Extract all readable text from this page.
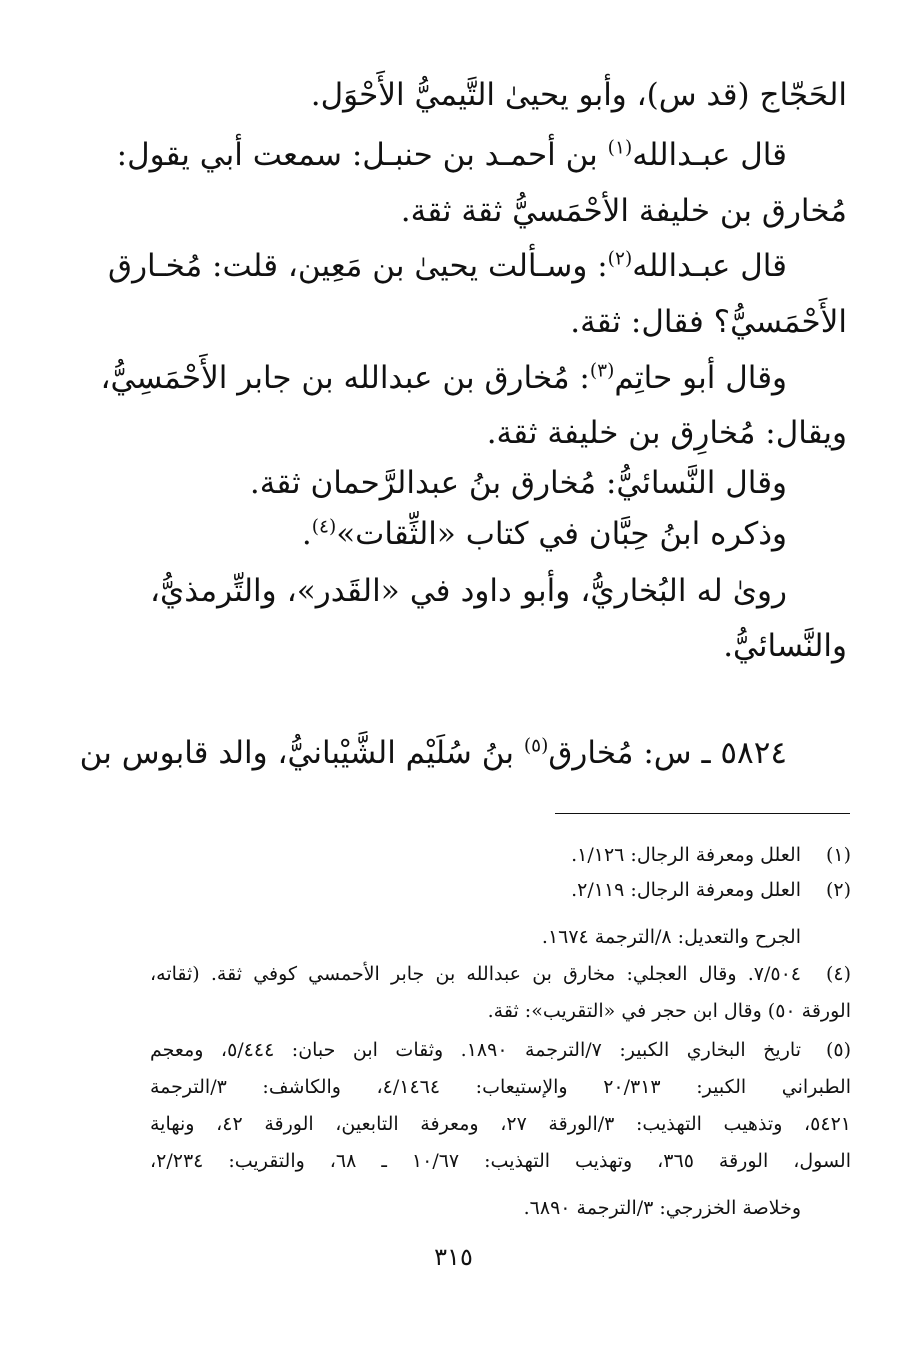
الحَجّاج (قد س)، وأبو يحيىٰ التَّيميُّ الأَحْوَل.
قال عبـدالله$^{(١)}$ بن أحمـد بن حنبـل: سمعت أبي يقول:
مُخارق بن خليفة الأحْمَسيُّ ثقة ثقة.
قال عبـدالله$^{(٢)}$: وسـألت يحيىٰ بن مَعِين، قلت: مُخـارق
الأَحْمَسيُّ؟ فقال: ثقة.
وقال أبو حاتِم$^{(٣)}$: مُخارق بن عبدالله بن جابر الأَحْمَسِيُّ،
ويقال: مُخارِق بن خليفة ثقة.
وقال النَّسائيُّ: مُخارق بنُ عبدالرَّحمان ثقة.
وذكره ابنُ حِبَّان في كتاب «الثِّقات»$^{(٤)}$.
روىٰ له البُخاريُّ، وأبو داود في «القَدر»، والتِّرمذيُّ،
والنَّسائيُّ.
٥٨٢٤ ـ س: مُخارق$^{(٥)}$ بنُ سُلَيْم الشَّيْبانيُّ، والد قابوس بن
(١)
العلل ومعرفة الرجال: ١/١٢٦.
(٢)
العلل ومعرفة الرجال: ٢/١١٩.
الجرح والتعديل: ٨/الترجمة ١٦٧٤.
(٤)
٧/٥٠٤. وقال العجلي: مخارق بن عبدالله بن جابر الأحمسي كوفي ثقة. (ثقاته،
الورقة ٥٠) وقال ابن حجر في «التقريب»: ثقة.
(٥)
تاريخ البخاري الكبير: ٧/الترجمة ١٨٩٠. وثقات ابن حبان: ٥/٤٤٤، ومعجم
الطبراني الكبير: ٢٠/٣١٣ والإستيعاب: ٤/١٤٦٤، والكاشف: ٣/الترجمة
٥٤٢١، وتذهيب التهذيب: ٣/الورقة ٢٧، ومعرفة التابعين، الورقة ٤٢، ونهاية
السول، الورقة ٣٦٥، وتهذيب التهذيب: ١٠/٦٧ ـ ٦٨، والتقريب: ٢/٢٣٤،
وخلاصة الخزرجي: ٣/الترجمة ٦٨٩٠.
٣١٥
